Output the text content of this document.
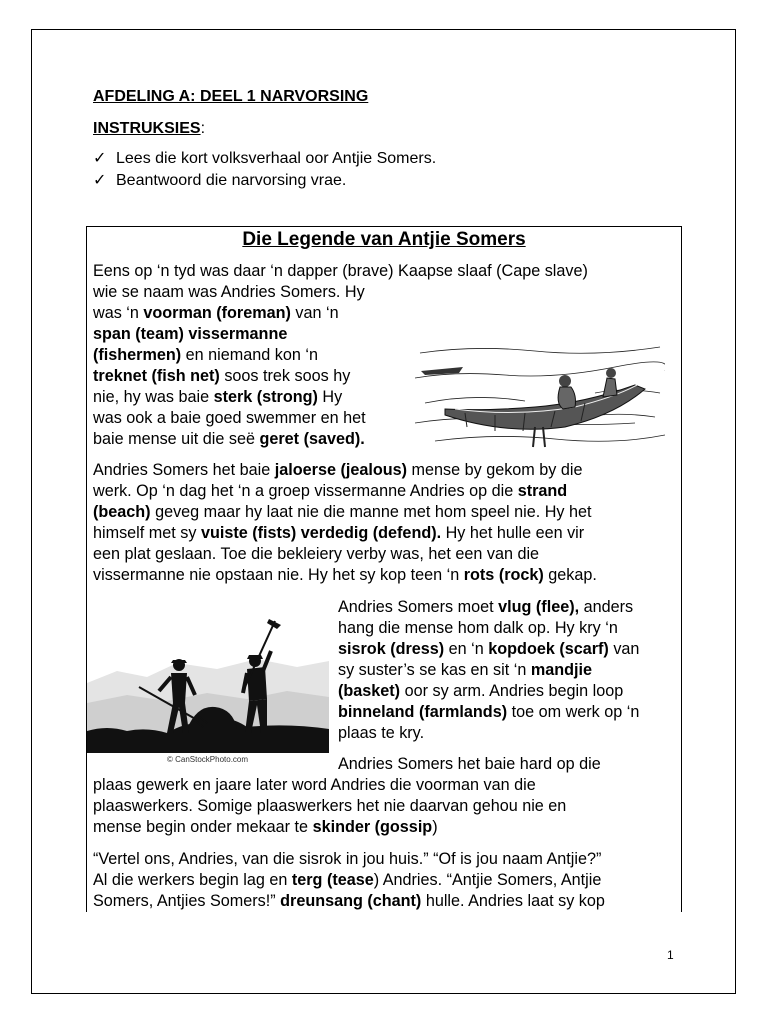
AFDELING A: DEEL 1 NARVORSING
INSTRUKSIES:
✓ Lees die kort volksverhaal oor Antjie Somers.
✓ Beantwoord die narvorsing vrae.
Die Legende van Antjie Somers
Eens op ‘n tyd was daar ‘n dapper (brave) Kaapse slaaf (Cape slave)
wie se naam was Andries Somers. Hy
was ‘n voorman (foreman) van ‘n
span (team) vissermanne
(fishermen) en niemand kon ‘n
treknet (fish net) soos trek soos hy
nie, hy was baie sterk (strong) Hy
was ook a baie goed swemmer en het
baie mense uit die seë geret (saved).
Andries Somers het baie jaloerse (jealous) mense by gekom by die
werk. Op ‘n dag het ‘n a groep vissermanne Andries op die strand
(beach) geveg maar hy laat nie die manne met hom speel nie. Hy het
himself met sy vuiste (fists) verdedig (defend). Hy het hulle een vir
een plat geslaan. Toe die bekleiery verby was, het een van die
vissermanne nie opstaan nie. Hy het sy kop teen ‘n rots (rock) gekap.
© CanStockPhoto.com
Andries Somers moet vlug (flee), anders
hang die mense hom dalk op. Hy kry ‘n
sisrok (dress) en ‘n kopdoek (scarf) van
sy suster’s se kas en sit ‘n mandjie
(basket) oor sy arm. Andries begin loop
binneland (farmlands) toe om werk op ‘n
plaas te kry.
Andries Somers het baie hard op die
plaas gewerk en jaare later word Andries die voorman van die
plaaswerkers. Somige plaaswerkers het nie daarvan gehou nie en
mense begin onder mekaar te skinder (gossip)
“Vertel ons, Andries, van die sisrok in jou huis.” “Of is jou naam Antjie?”
Al die werkers begin lag en terg (tease) Andries. “Antjie Somers, Antjie
Somers, Antjies Somers!” dreunsang (chant) hulle. Andries laat sy kop
1
